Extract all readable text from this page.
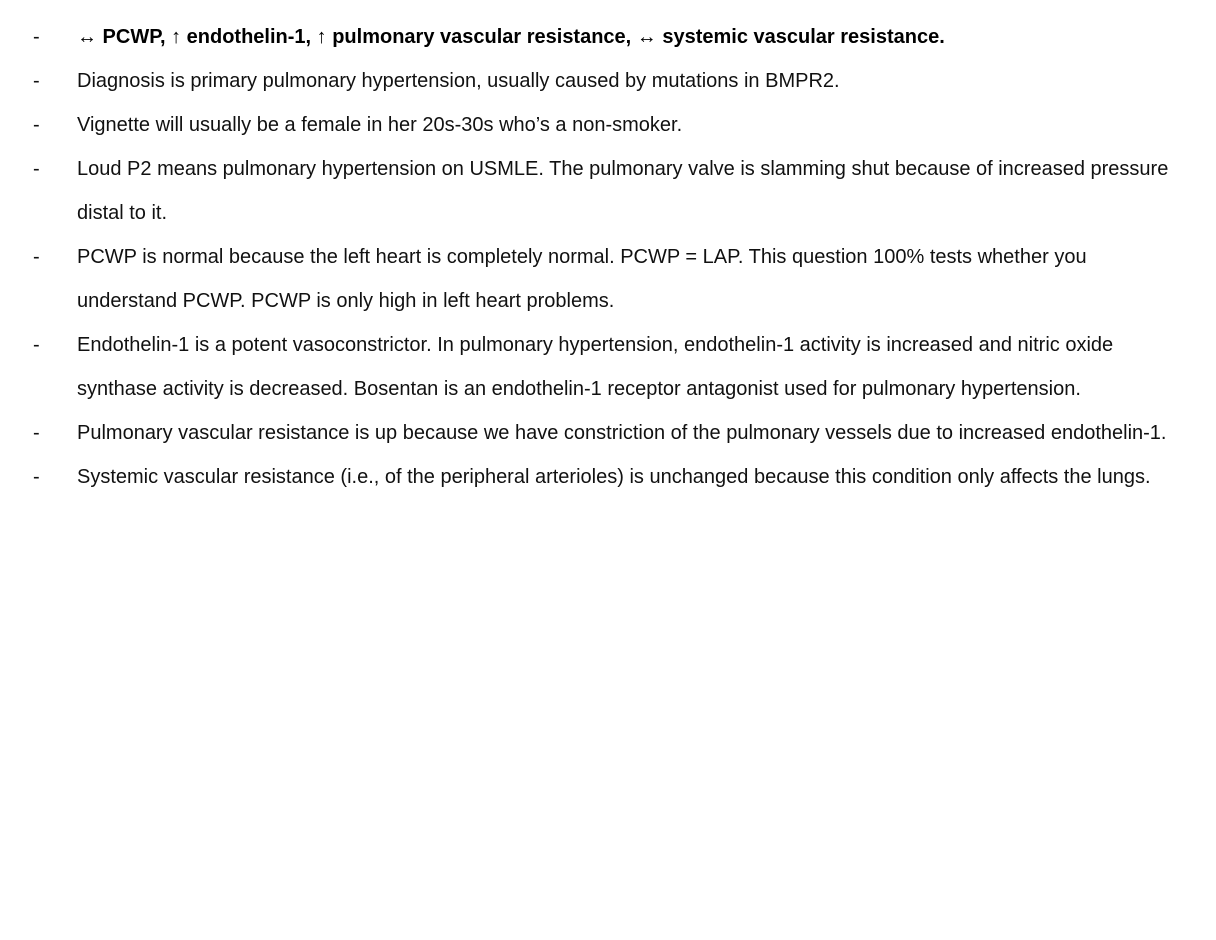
-	↔ PCWP, ↑ endothelin-1, ↑ pulmonary vascular resistance, ↔ systemic vascular resistance.
-	Diagnosis is primary pulmonary hypertension, usually caused by mutations in BMPR2.
-	Vignette will usually be a female in her 20s-30s who’s a non-smoker.
-	Loud P2 means pulmonary hypertension on USMLE. The pulmonary valve is slamming shut because of increased pressure distal to it.
-	PCWP is normal because the left heart is completely normal. PCWP = LAP. This question 100% tests whether you understand PCWP. PCWP is only high in left heart problems.
-	Endothelin-1 is a potent vasoconstrictor. In pulmonary hypertension, endothelin-1 activity is increased and nitric oxide synthase activity is decreased. Bosentan is an endothelin-1 receptor antagonist used for pulmonary hypertension.
-	Pulmonary vascular resistance is up because we have constriction of the pulmonary vessels due to increased endothelin-1.
-	Systemic vascular resistance (i.e., of the peripheral arterioles) is unchanged because this condition only affects the lungs.
